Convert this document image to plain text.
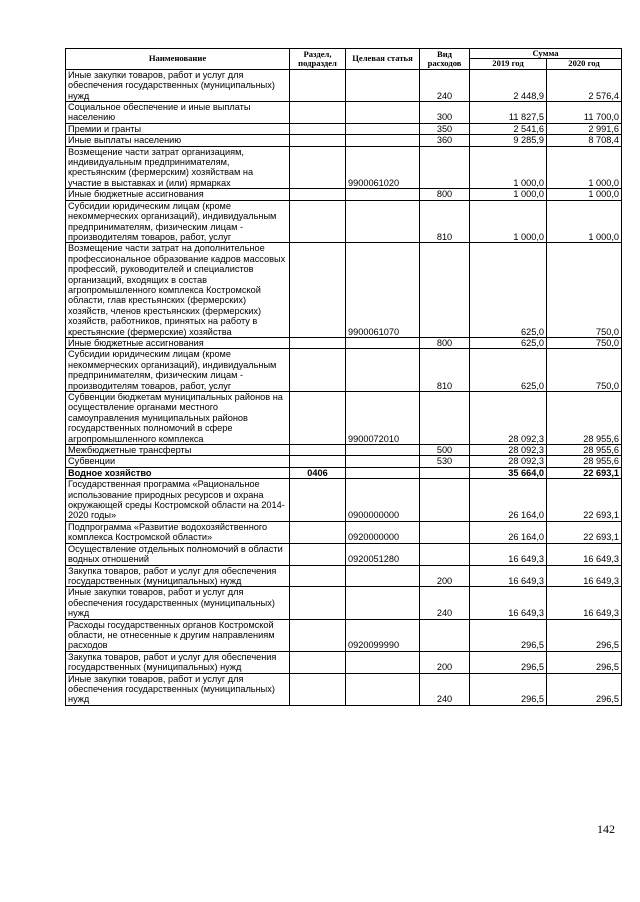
Наименование	Раздел, подраздел	Целевая статья	Вид расходов	Сумма	
				2019 год	2020 год
Иные закупки товаров, работ и услуг для обеспечения государственных (муниципальных) нужд			240	2 448,9	2 576,4
Социальное обеспечение и иные выплаты населению			300	11 827,5	11 700,0
Премии и гранты			350	2 541,6	2 991,6
Иные выплаты населению			360	9 285,9	8 708,4
Возмещение части затрат организациям, индивидуальным предпринимателям, крестьянским (фермерским) хозяйствам на участие в выставках и (или) ярмарках		9900061020		1 000,0	1 000,0
Иные бюджетные ассигнования			800	1 000,0	1 000,0
Субсидии юридическим лицам (кроме некоммерческих организаций), индивидуальным предпринимателям, физическим лицам - производителям товаров, работ, услуг			810	1 000,0	1 000,0
Возмещение части затрат на дополнительное профессиональное образование кадров массовых профессий, руководителей и специалистов организаций, входящих в состав агропромышленного комплекса Костромской области, глав крестьянских (фермерских) хозяйств, членов крестьянских (фермерских) хозяйств, работников, принятых на работу в крестьянские (фермерские) хозяйства		9900061070		625,0	750,0
Иные бюджетные ассигнования			800	625,0	750,0
Субсидии юридическим лицам (кроме некоммерческих организаций), индивидуальным предпринимателям, физическим лицам - производителям товаров, работ, услуг			810	625,0	750,0
Субвенции бюджетам муниципальных районов на осуществление органами местного самоуправления муниципальных районов государственных полномочий в сфере агропромышленного комплекса		9900072010		28 092,3	28 955,6
Межбюджетные трансферты			500	28 092,3	28 955,6
Субвенции			530	28 092,3	28 955,6
Водное хозяйство	0406			35 664,0	22 693,1
Государственная программа «Рациональное использование природных ресурсов и охрана окружающей среды Костромской области на 2014-2020 годы»		0900000000		26 164,0	22 693,1
Подпрограмма «Развитие водохозяйственного комплекса Костромской области»		0920000000		26 164,0	22 693,1
Осуществление отдельных полномочий в области водных отношений		0920051280		16 649,3	16 649,3
Закупка товаров, работ и услуг для обеспечения государственных (муниципальных) нужд			200	16 649,3	16 649,3
Иные закупки товаров, работ и услуг для обеспечения государственных (муниципальных) нужд			240	16 649,3	16 649,3
Расходы государственных органов Костромской области, не отнесенные к другим направлениям расходов		0920099990		296,5	296,5
Закупка товаров, работ и услуг для обеспечения государственных (муниципальных) нужд			200	296,5	296,5
Иные закупки товаров, работ и услуг для обеспечения государственных (муниципальных) нужд			240	296,5	296,5
142
